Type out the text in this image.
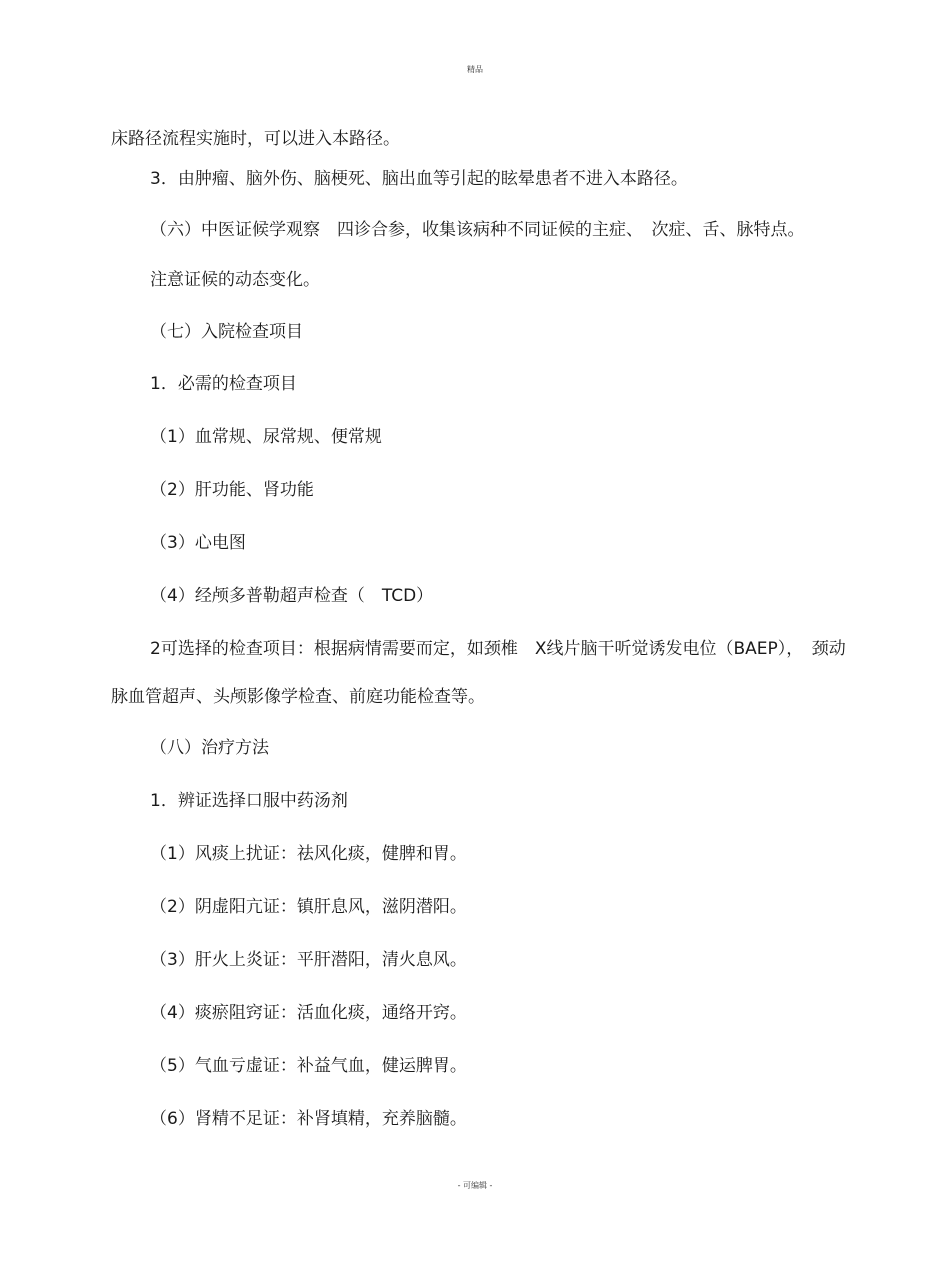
精品
床路径流程实施时，可以进入本路径。
3．由肿瘤、脑外伤、脑梗死、脑出血等引起的眩晕患者不进入本路径。
（六）中医证候学观察　四诊合参，收集该病种不同证候的主症、　次症、舌、脉特点。
注意证候的动态变化。
（七）入院检查项目
1．必需的检查项目
（1）血常规、尿常规、便常规
（2）肝功能、肾功能
（3）心电图
（4）经颅多普勒超声检查（　TCD）
2可选择的检查项目：根据病情需要而定，如颈椎　X线片脑干听觉诱发电位（BAEP），　颈动
脉血管超声、头颅影像学检查、前庭功能检查等。
（八）治疗方法
1．辨证选择口服中药汤剂
（1）风痰上扰证：祛风化痰，健脾和胃。
（2）阴虚阳亢证：镇肝息风，滋阴潜阳。
（3）肝火上炎证：平肝潜阳，清火息风。
（4）痰瘀阻窍证：活血化痰，通络开窍。
（5）气血亏虚证：补益气血，健运脾胃。
（6）肾精不足证：补肾填精，充养脑髓。
- 可编辑 -
